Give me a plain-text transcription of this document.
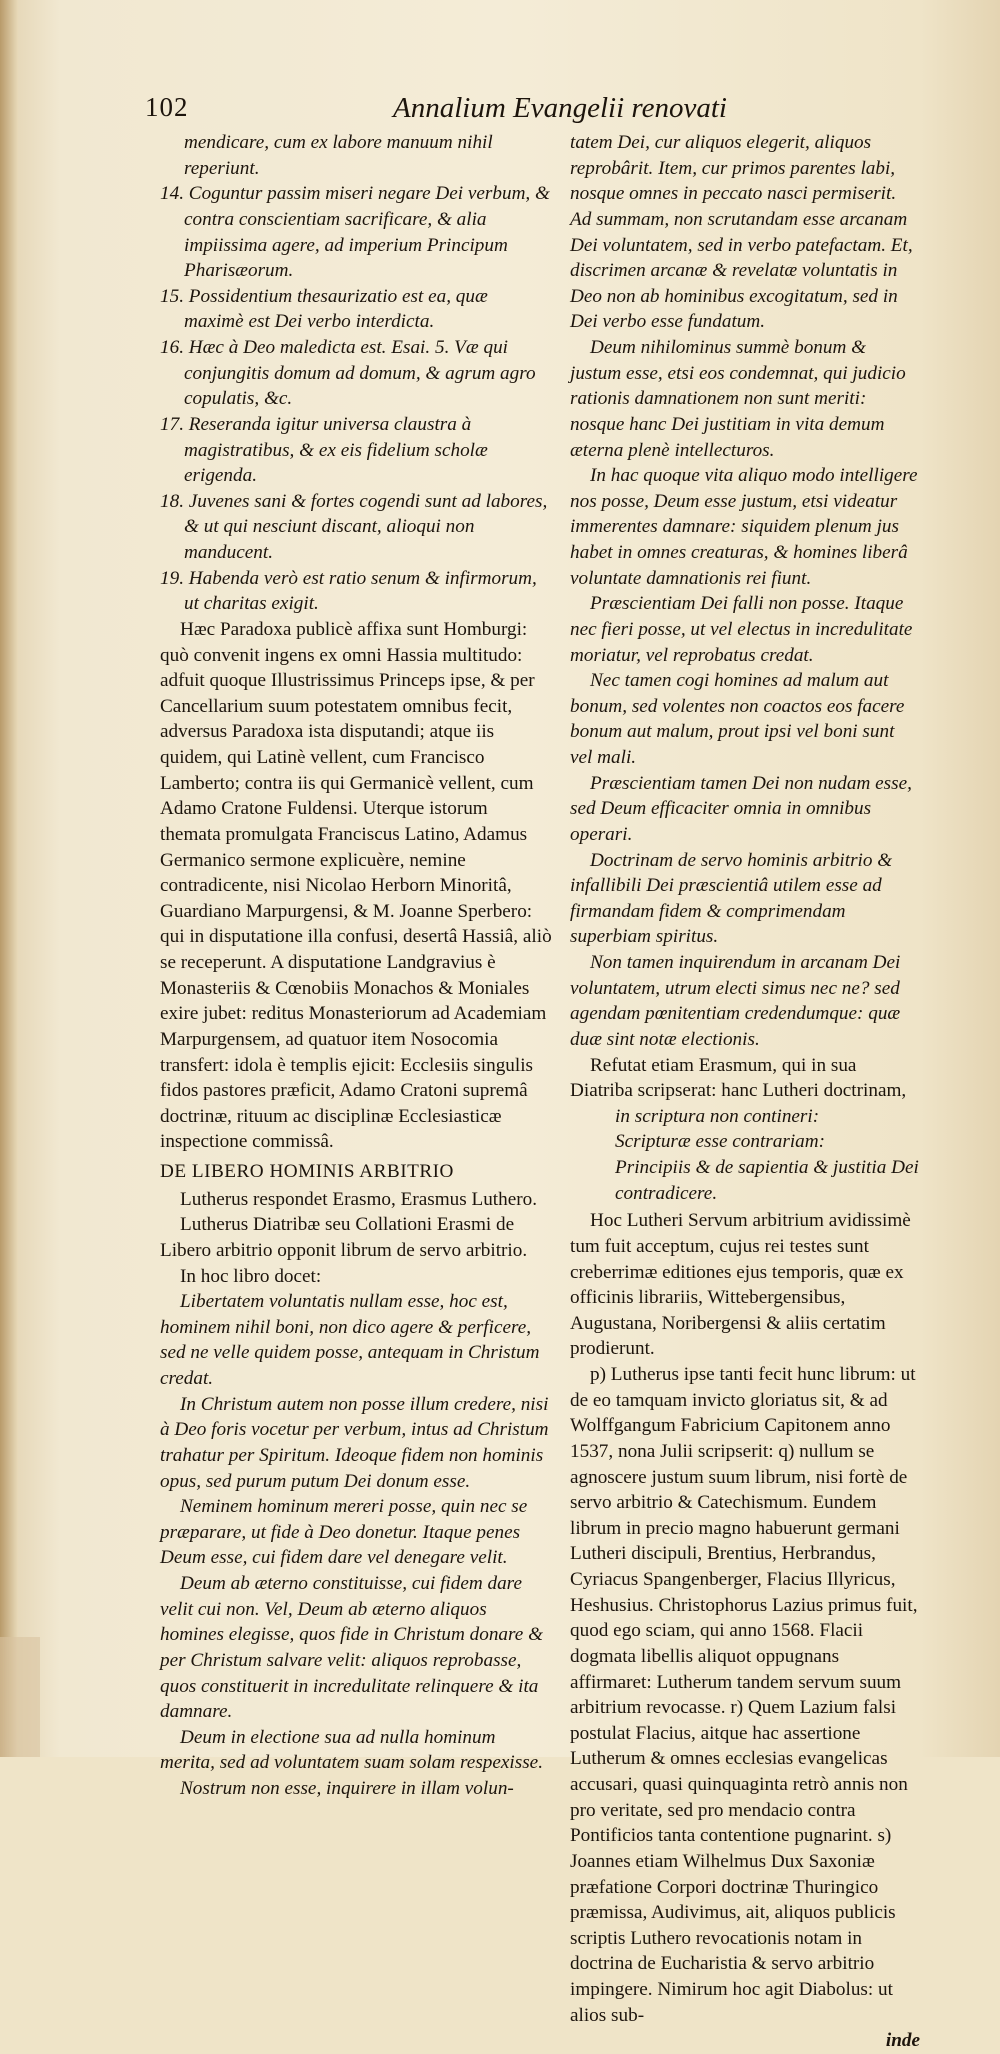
102	Annalium Evangelii renovati

mendicare, cum ex labore manuum nihil reperiunt.

14. Coguntur passim miseri negare Dei verbum, & contra conscientiam sacrificare, & alia impiissima agere, ad imperium Principum Pharisæorum.

15. Possidentium thesaurizatio est ea, quæ maximè est Dei verbo interdicta.

16. Hæc à Deo maledicta est. Esai. 5. Væ qui conjungitis domum ad domum, & agrum agro copulatis, &c.

17. Reseranda igitur universa claustra à magistratibus, & ex eis fidelium scholæ erigenda.

18. Juvenes sani & fortes cogendi sunt ad labores, & ut qui nesciunt discant, alioqui non manducent.

19. Habenda verò est ratio senum & infirmorum, ut charitas exigit.

Hæc Paradoxa publicè affixa sunt Homburgi: quò convenit ingens ex omni Hassia multitudo: adfuit quoque Illustrissimus Princeps ipse, & per Cancellarium suum potestatem omnibus fecit, adversus Paradoxa ista disputandi; atque iis quidem, qui Latinè vellent, cum Francisco Lamberto; contra iis qui Germanicè vellent, cum Adamo Cratone Fuldensi. Uterque istorum themata promulgata Franciscus Latino, Adamus Germanico sermone explicuère, nemine contradicente, nisi Nicolao Herborn Minoritâ, Guardiano Marpurgensi, & M. Joanne Sperbero: qui in disputatione illa confusi, desertâ Hassiâ, aliò se receperunt. A disputatione Landgravius è Monasteriis & Cœnobiis Monachos & Moniales exire jubet: reditus Monasteriorum ad Academiam Marpurgensem, ad quatuor item Nosocomia transfert: idola è templis ejicit: Ecclesiis singulis fidos pastores præficit, Adamo Cratoni supremâ doctrinæ, rituum ac disciplinæ Ecclesiasticæ inspectione commissâ.

DE LIBERO HOMINIS ARBITRIO

Lutherus respondet Erasmo, Erasmus Luthero.

Lutherus Diatribæ seu Collationi Erasmi de Libero arbitrio opponit librum de servo arbitrio.

In hoc libro docet:

Libertatem voluntatis nullam esse, hoc est, hominem nihil boni, non dico agere & perficere, sed ne velle quidem posse, antequam in Christum credat.

In Christum autem non posse illum credere, nisi à Deo foris vocetur per verbum, intus ad Christum trahatur per Spiritum. Ideoque fidem non hominis opus, sed purum putum Dei donum esse.

Neminem hominum mereri posse, quin nec se præparare, ut fide à Deo donetur. Itaque penes Deum esse, cui fidem dare vel denegare velit.

Deum ab æterno constituisse, cui fidem dare velit cui non. Vel, Deum ab æterno aliquos homines elegisse, quos fide in Christum donare & per Christum salvare velit: aliquos reprobasse, quos constituerit in incredulitate relinquere & ita damnare.

Deum in electione sua ad nulla hominum merita, sed ad voluntatem suam solam respexisse.

Nostrum non esse, inquirere in illam volun-

tatem Dei, cur aliquos elegerit, aliquos reprobârit. Item, cur primos parentes labi, nosque omnes in peccato nasci permiserit. Ad summam, non scrutandam esse arcanam Dei voluntatem, sed in verbo patefactam. Et, discrimen arcanæ & revelatæ voluntatis in Deo non ab hominibus excogitatum, sed in Dei verbo esse fundatum.

Deum nihilominus summè bonum & justum esse, etsi eos condemnat, qui judicio rationis damnationem non sunt meriti: nosque hanc Dei justitiam in vita demum æterna plenè intellecturos.

In hac quoque vita aliquo modo intelligere nos posse, Deum esse justum, etsi videatur immerentes damnare: siquidem plenum jus habet in omnes creaturas, & homines liberâ voluntate damnationis rei fiunt.

Præscientiam Dei falli non posse. Itaque nec fieri posse, ut vel electus in incredulitate moriatur, vel reprobatus credat.

Nec tamen cogi homines ad malum aut bonum, sed volentes non coactos eos facere bonum aut malum, prout ipsi vel boni sunt vel mali.

Præscientiam tamen Dei non nudam esse, sed Deum efficaciter omnia in omnibus operari.

Doctrinam de servo hominis arbitrio & infallibili Dei præscientiâ utilem esse ad firmandam fidem & comprimendam superbiam spiritus.

Non tamen inquirendum in arcanam Dei voluntatem, utrum electi simus nec ne? sed agendam pœnitentiam credendumque: quæ duæ sint notæ electionis.

Refutat etiam Erasmum, qui in sua Diatriba scripserat: hanc Lutheri doctrinam,

in scriptura non contineri:

Scripturæ esse contrariam:

Principiis & de sapientia & justitia Dei contradicere.

Hoc Lutheri Servum arbitrium avidissimè tum fuit acceptum, cujus rei testes sunt creberrimæ editiones ejus temporis, quæ ex officinis librariis, Wittebergensibus, Augustana, Noribergensi & aliis certatim prodierunt.

p) Lutherus ipse tanti fecit hunc librum: ut de eo tamquam invicto gloriatus sit, & ad Wolffgangum Fabricium Capitonem anno 1537, nona Julii scripserit: q) nullum se agnoscere justum suum librum, nisi fortè de servo arbitrio & Catechismum. Eundem librum in precio magno habuerunt germani Lutheri discipuli, Brentius, Herbrandus, Cyriacus Spangenberger, Flacius Illyricus, Heshusius. Christophorus Lazius primus fuit, quod ego sciam, qui anno 1568. Flacii dogmata libellis aliquot oppugnans affirmaret: Lutherum tandem servum suum arbitrium revocasse. r) Quem Lazium falsi postulat Flacius, aitque hac assertione Lutherum & omnes ecclesias evangelicas accusari, quasi quinquaginta retrò annis non pro veritate, sed pro mendacio contra Pontificios tanta contentione pugnarint. s) Joannes etiam Wilhelmus Dux Saxoniæ præfatione Corpori doctrinæ Thuringico præmissa, Audivimus, ait, aliquos publicis scriptis Luthero revocationis notam in doctrina de Eucharistia & servo arbitrio impingere. Nimirum hoc agit Diabolus: ut alios sub-

inde
